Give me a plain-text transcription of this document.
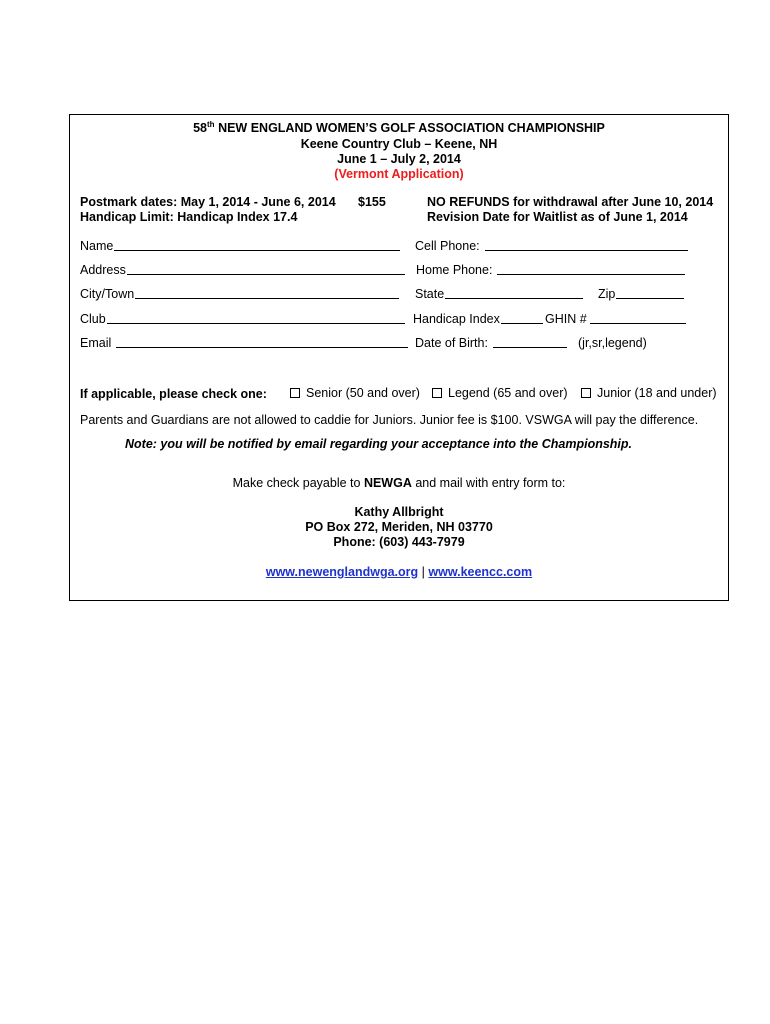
58th NEW ENGLAND WOMEN’S GOLF ASSOCIATION CHAMPIONSHIP
Keene Country Club – Keene, NH
June 1 – July 2, 2014
(Vermont Application)
Postmark dates: May 1, 2014 - June 6, 2014 $155	NO REFUNDS for withdrawal after June 10, 2014
Handicap Limit: Handicap Index 17.4	Revision Date for Waitlist as of June 1, 2014
Name	Cell Phone:
Address	Home Phone:
City/Town	State	Zip
Club	Handicap Index	GHIN #
Email	Date of Birth:	(jr,sr,legend)
If applicable, please check one:	Senior (50 and over) Legend (65 and over) Junior (18 and under)
Parents and Guardians are not allowed to caddie for Juniors. Junior fee is $100. VSWGA will pay the difference.
Note: you will be notified by email regarding your acceptance into the Championship.
Make check payable to NEWGA and mail with entry form to:
Kathy Allbright
PO Box 272, Meriden, NH 03770
Phone: (603) 443-7979
www.newenglandwga.org | www.keencc.com
